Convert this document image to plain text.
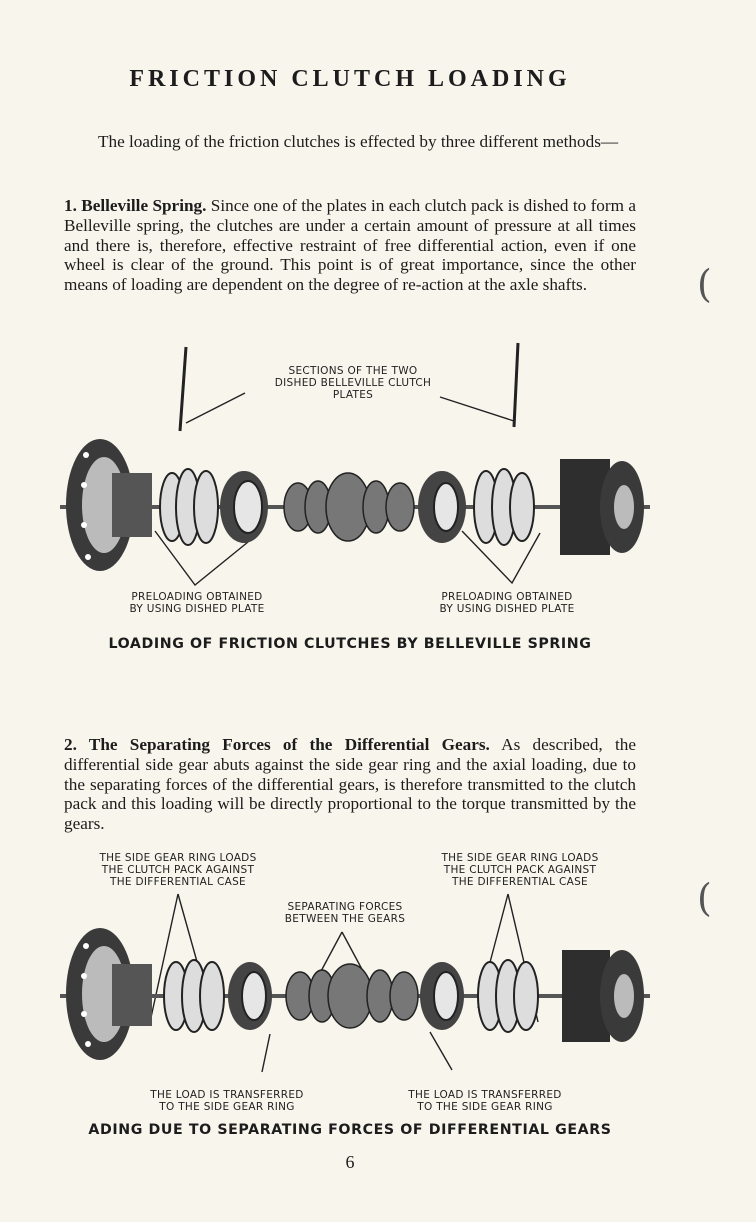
FRICTION CLUTCH LOADING
The loading of the friction clutches is effected by three different methods—
1. Belleville Spring. Since one of the plates in each clutch pack is dished to form a Belleville spring, the clutches are under a certain amount of pressure at all times and there is, therefore, effective restraint of free differential action, even if one wheel is clear of the ground. This point is of great importance, since the other means of loading are dependent on the degree of re-action at the axle shafts.
SECTIONS OF THE TWO
DISHED BELLEVILLE CLUTCH
PLATES
PRELOADING OBTAINED
BY USING DISHED PLATE
PRELOADING OBTAINED
BY USING DISHED PLATE
LOADING OF FRICTION CLUTCHES BY BELLEVILLE SPRING
2. The Separating Forces of the Differential Gears. As described, the differential side gear abuts against the side gear ring and the axial loading, due to the separating forces of the differential gears, is therefore transmitted to the clutch pack and this loading will be directly proportional to the torque transmitted by the gears.
THE SIDE GEAR RING LOADS
THE CLUTCH PACK AGAINST
THE DIFFERENTIAL CASE
THE SIDE GEAR RING LOADS
THE CLUTCH PACK AGAINST
THE DIFFERENTIAL CASE
SEPARATING FORCES
BETWEEN THE GEARS
THE LOAD IS TRANSFERRED
TO THE SIDE GEAR RING
THE LOAD IS TRANSFERRED
TO THE SIDE GEAR RING
ADING DUE TO SEPARATING FORCES OF DIFFERENTIAL GEARS
6
(
(
